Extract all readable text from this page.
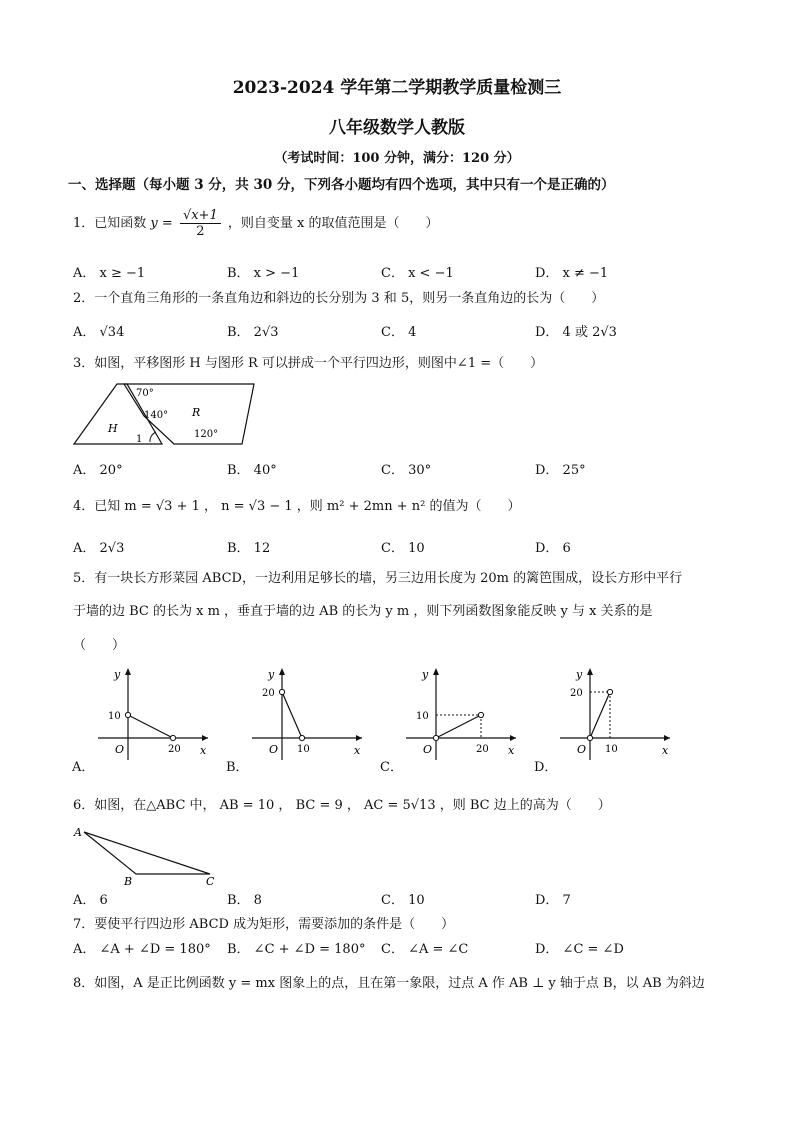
2023-2024 学年第二学期教学质量检测三
八年级数学人教版
（考试时间：100 分钟，满分：120 分）
一、选择题（每小题 3 分，共 30 分，下列各小题均有四个选项，其中只有一个是正确的）
1．已知函数 $y = \frac{√x+1}{2}$ ，则自变量 x 的取值范围是（　　）
A． x ≥ −1	B． x > −1	C． x < −1	D． x ≠ −1
2．一个直角三角形的一条直角边和斜边的长分别为 3 和 5，则另一条直角边的长为（　　）
A． √34	B． 2√3	C． 4	D． 4 或 2√3
3．如图，平移图形 H 与图形 R 可以拼成一个平行四边形，则图中∠1 =（　　）
70°
140° R
H
1	120°
A． 20°	B． 40°	C． 30°	D． 25°
4．已知 m = √3 + 1 ， n = √3 − 1 ，则 m² + 2mn + n² 的值为（　　）
A． 2√3	B． 12	C． 10	D． 6
5．有一块长方形菜园 ABCD，一边利用足够长的墙，另三边用长度为 20m 的篱笆围成，设长方形中平行
于墙的边 BC 的长为 x m ，垂直于墙的边 AB 的长为 y m ，则下列函数图象能反映 y 与 x 关系的是
（　　）
A．
y
x
O
10
20
B．
y
x
O
20
10
C．
y
x
O
10
20
D．
y
x
O
20
10
6．如图，在△ABC 中， AB = 10 ， BC = 9 ， AC = 5√13 ，则 BC 边上的高为（　　）
A
B	C
A． 6	B． 8	C． 10	D． 7
7．要使平行四边形 ABCD 成为矩形，需要添加的条件是（　　）
A． ∠A + ∠D = 180° B． ∠C + ∠D = 180° C． ∠A = ∠C	D． ∠C = ∠D
8．如图，A 是正比例函数 y = mx 图象上的点，且在第一象限，过点 A 作 AB ⊥ y 轴于点 B，以 AB 为斜边
